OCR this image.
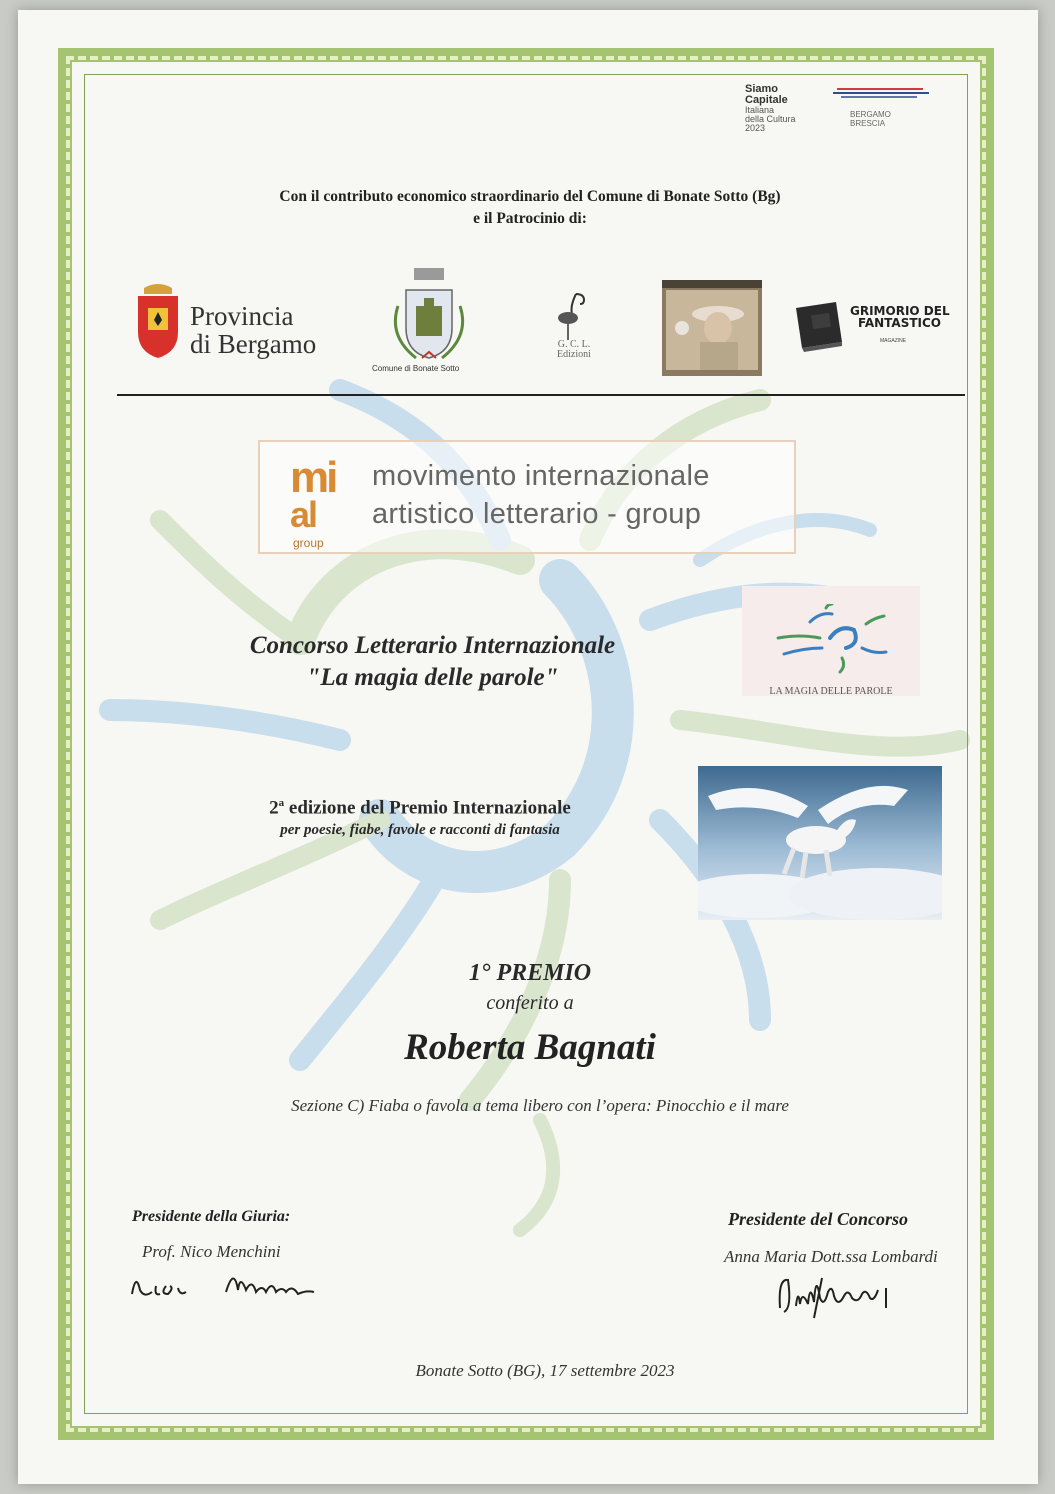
Siamo
Capitale
Italiana
della Cultura
2023
BERGAMO
BRESCIA
Con il contributo economico straordinario del Comune di Bonate Sotto (Bg)
e il Patrocinio di:
Provincia
di Bergamo
Comune di Bonate Sotto
G. C. L.
Edizioni
GRIMORIO DEL
FANTASTICO
MAGAZINE
mi
al
group
movimento internazionale
artistico letterario - group
Concorso Letterario Internazionale
"La magia delle parole"
LA MAGIA DELLE PAROLE
2$^a$ edizione del Premio Internazionale
per poesie, fiabe, favole e racconti di fantasia
1° PREMIO
conferito a
Roberta Bagnati
Sezione C) Fiaba o favola a tema libero con l’opera: Pinocchio e il mare
Presidente della Giuria:
Prof. Nico Menchini
Presidente del Concorso
Anna Maria Dott.ssa Lombardi
Bonate Sotto (BG), 17 settembre 2023
